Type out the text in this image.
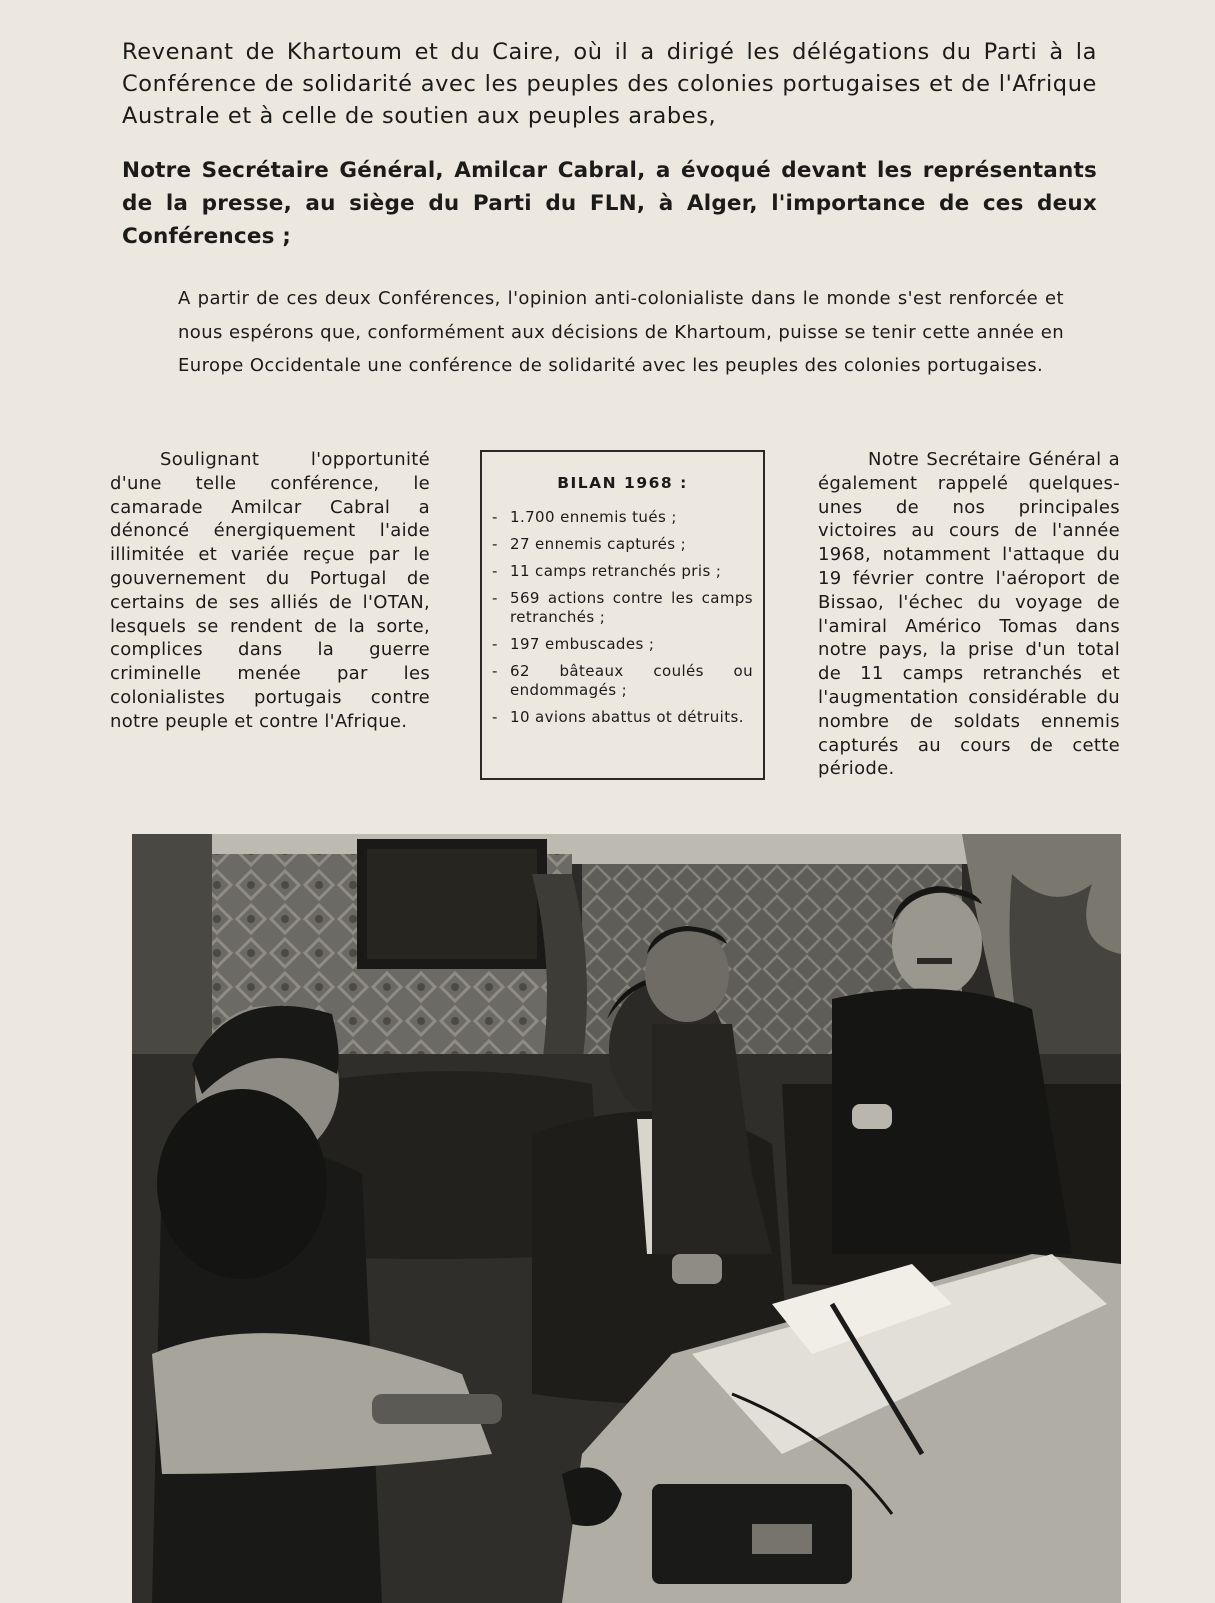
Revenant de Khartoum et du Caire, où il a dirigé les délégations du Parti à la Conférence de solidarité avec les peuples des colonies portugaises et de l'Afrique Australe et à celle de soutien aux peuples arabes,

Notre Secrétaire Général, Amilcar Cabral, a évoqué devant les représentants de la presse, au siège du Parti du FLN, à Alger, l'importance de ces deux Conférences ;

A partir de ces deux Conférences, l'opinion anti-colonialiste dans le monde s'est renforcée et nous espérons que, conformément aux décisions de Khartoum, puisse se tenir cette année en Europe Occidentale une conférence de solidarité avec les peuples des colonies portugaises.

Soulignant l'opportunité d'une telle conférence, le camarade Amilcar Cabral a dénoncé énergiquement l'aide illimitée et variée reçue par le gouvernement du Portugal de certains de ses alliés de l'OTAN, lesquels se rendent de la sorte, complices dans la guerre criminelle menée par les colonialistes portugais contre notre peuple et contre l'Afrique.

BILAN 1968 :

- 1.700 ennemis tués ;
- 27 ennemis capturés ;
- 11 camps retranchés pris ;
- 569 actions contre les camps retranchés ;
- 197 embuscades ;
- 62 bâteaux coulés ou endommagés ;
- 10 avions abattus ot détruits.

Notre Secrétaire Général a également rappelé quelques-unes de nos principales victoires au cours de l'année 1968, notamment l'attaque du 19 février contre l'aéroport de Bissao, l'échec du voyage de l'amiral Américo Tomas dans notre pays, la prise d'un total de 11 camps retranchés et l'augmentation considérable du nombre de soldats ennemis capturés au cours de cette période.
